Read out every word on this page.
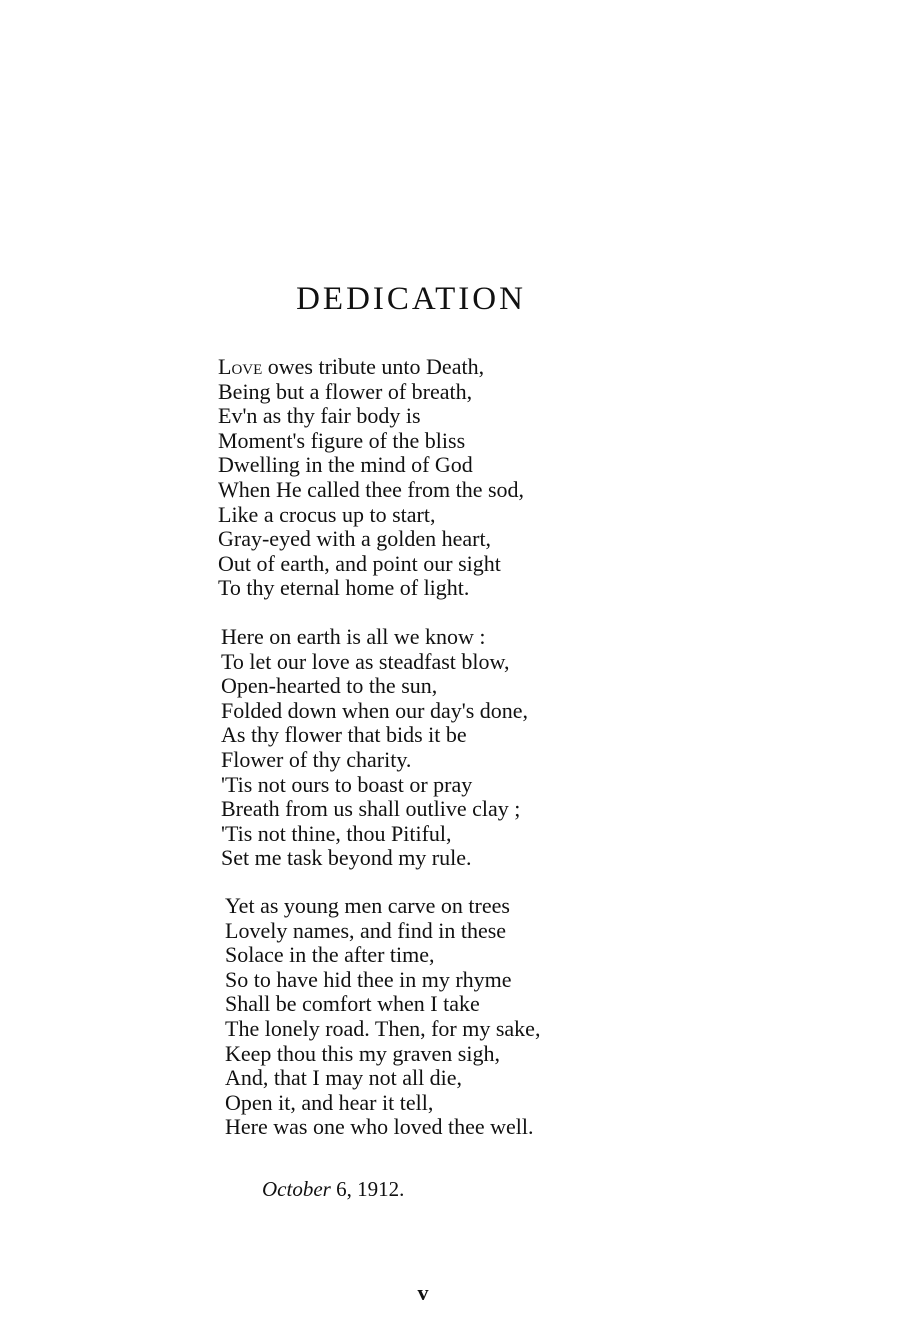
DEDICATION
Love owes tribute unto Death,
Being but a flower of breath,
Ev'n as thy fair body is
Moment's figure of the bliss
Dwelling in the mind of God
When He called thee from the sod,
Like a crocus up to start,
Gray-eyed with a golden heart,
Out of earth, and point our sight
To thy eternal home of light.
Here on earth is all we know :
To let our love as steadfast blow,
Open-hearted to the sun,
Folded down when our day's done,
As thy flower that bids it be
Flower of thy charity.
'Tis not ours to boast or pray
Breath from us shall outlive clay ;
'Tis not thine, thou Pitiful,
Set me task beyond my rule.
Yet as young men carve on trees
Lovely names, and find in these
Solace in the after time,
So to have hid thee in my rhyme
Shall be comfort when I take
The lonely road. Then, for my sake,
Keep thou this my graven sigh,
And, that I may not all die,
Open it, and hear it tell,
Here was one who loved thee well.
October 6, 1912.
v
